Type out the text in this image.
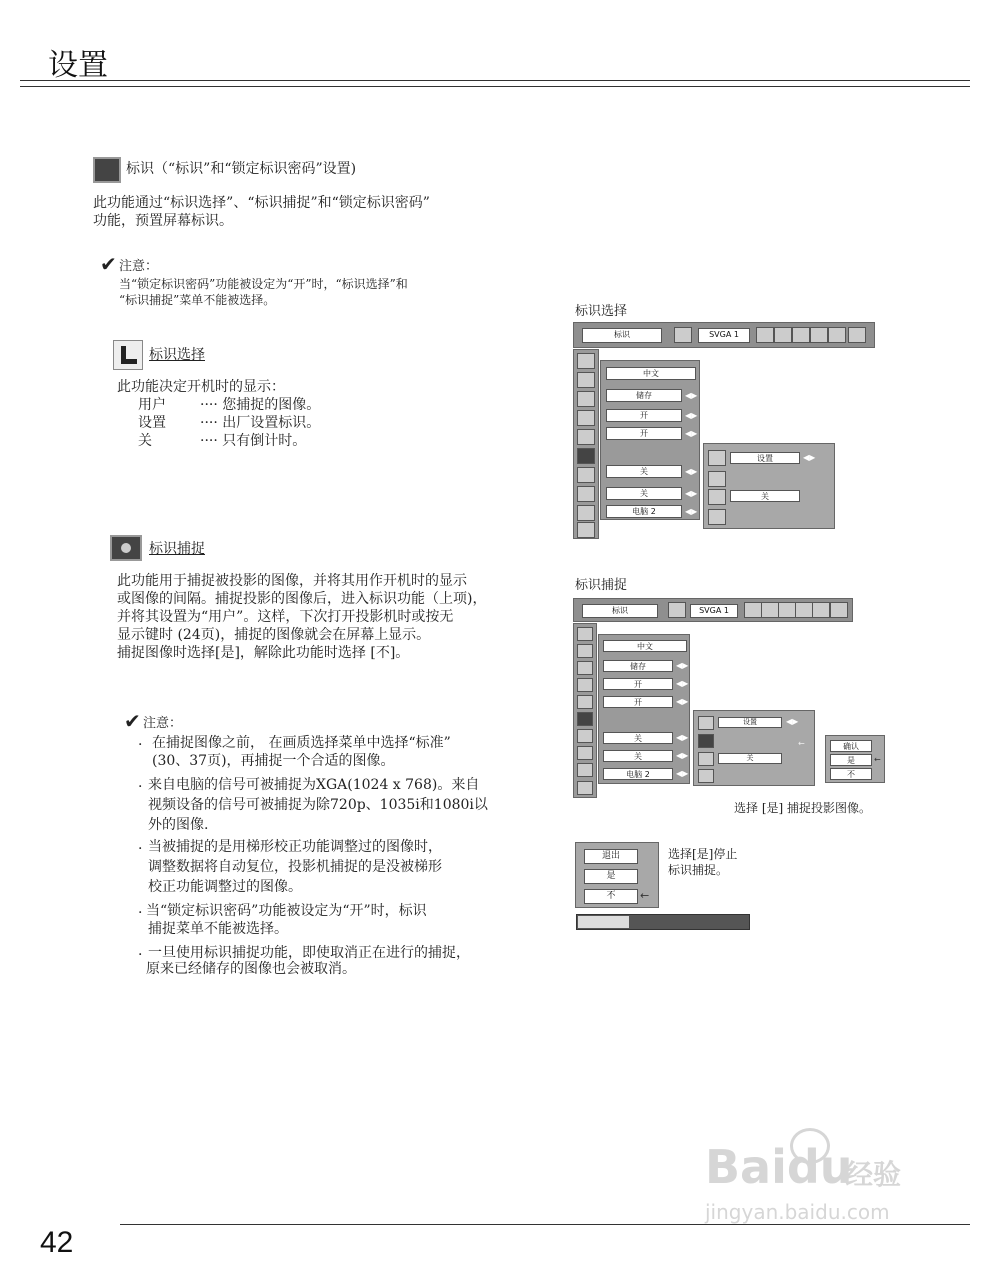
设置
标识（“标识”和“锁定标识密码”设置)
此功能通过“标识选择”、“标识捕捉”和“锁定标识密码”
功能，预置屏幕标识。
✔ 注意：
当“锁定标识密码”功能被设定为“开”时，“标识选择”和
“标识捕捉”菜单不能被选择。
标识选择
此功能决定开机时的显示：
用户 ···· 您捕捉的图像。
设置 ···· 出厂设置标识。
关	···· 只有倒计时。
标识捕捉
此功能用于捕捉被投影的图像，并将其用作开机时的显示
或图像的间隔。捕捉投影的图像后，进入标识功能（上项)，
并将其设置为“用户”。这样，下次打开投影机时或按无
显示键时 (24页)，捕捉的图像就会在屏幕上显示。
捕捉图像时选择[是]，解除此功能时选择 [不]。
✔ 注意：
· 在捕捉图像之前， 在画质选择菜单中选择“标准”
(30、37页)，再捕捉一个合适的图像。
· 来自电脑的信号可被捕捉为XGA(1024 x 768)。来自
视频设备的信号可被捕捉为除720p、1035i和1080i以
外的图像.
· 当被捕捉的是用梯形校正功能调整过的图像时，
调整数据将自动复位，投影机捕捉的是没被梯形
校正功能调整过的图像。
· 当“锁定标识密码”功能被设定为“开”时，标识
捕捉菜单不能被选择。
· 一旦使用标识捕捉功能，即使取消正在进行的捕捉，
原来已经储存的图像也会被取消。
标识选择
标识	SVGA 1
中文
储存
开
开
关
关
电脑 2
◀▶
◀▶
◀▶
◀▶
◀▶
◀▶
设置	◀▶
关
标识捕捉
标识	SVGA 1
中文
储存
开
开
关
关
电脑 2
◀▶
◀▶
◀▶
◀▶
◀▶
◀▶
设置	◀▶
关
←	确认
是
不
←
选择 [是] 捕捉投影图像。
退出
是
不	←
选择[是]停止
标识捕捉。
Baidu
经验
jingyan.baidu.com
42
